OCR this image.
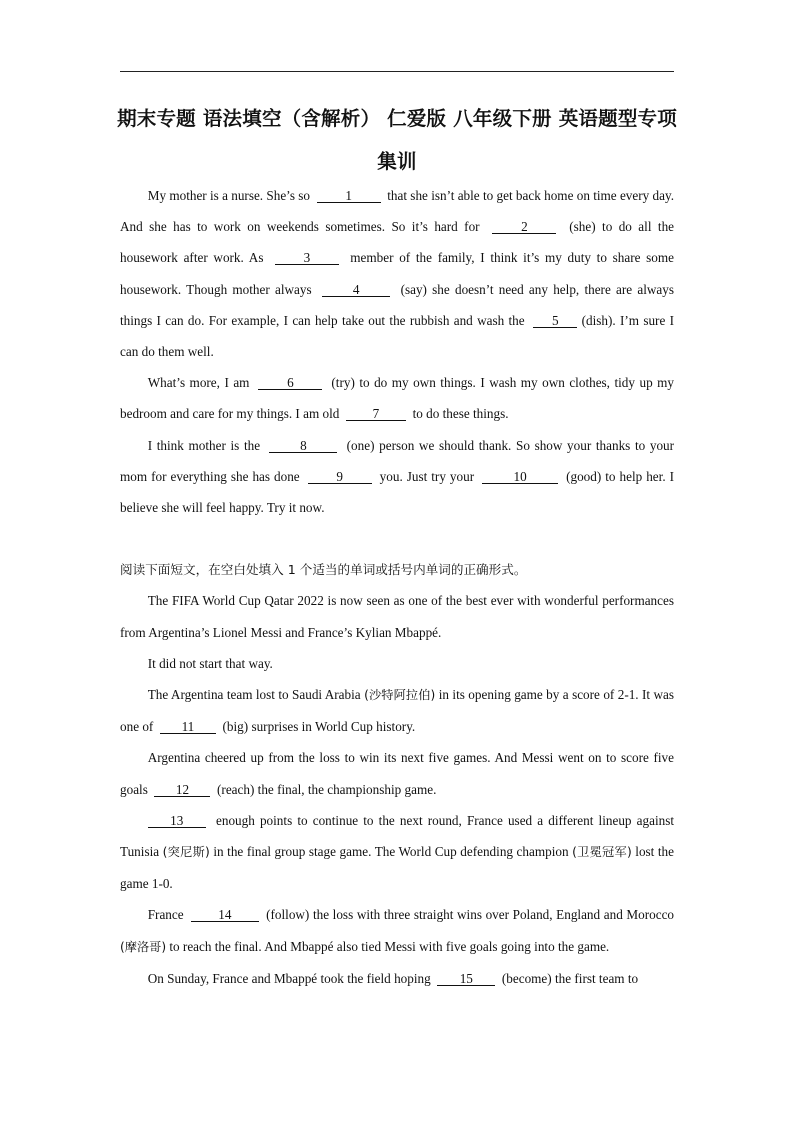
期末专题 语法填空（含解析） 仁爱版 八年级下册 英语题型专项集训

My mother is a nurse. She’s so	1	that she isn’t able to get back home on time every day. And she has to work on weekends sometimes. So it’s hard for	2	(she) to do all the housework after work. As	3	member of the family, I think it’s my duty to share some housework. Though mother always	4	(say) she doesn’t need any help, there are always things I can do. For example, I can help take out the rubbish and wash the 5 (dish). I’m sure I can do them well.

What’s more, I am	6	(try) to do my own things. I wash my own clothes, tidy up my bedroom and care for my things. I am old	7	to do these things.

I think mother is the	8	(one) person we should thank. So show your thanks to your mom for everything she has done	9	you. Just try your	10	(good) to help her. I believe she will feel happy. Try it now.

阅读下面短文，在空白处填入 1 个适当的单词或括号内单词的正确形式。

The FIFA World Cup Qatar 2022 is now seen as one of the best ever with wonderful performances from Argentina’s Lionel Messi and France’s Kylian Mbappé.

It did not start that way.

The Argentina team lost to Saudi Arabia (沙特阿拉伯) in its opening game by a score of 2-1. It was one of 11 (big) surprises in World Cup history.

Argentina cheered up from the loss to win its next five games. And Messi went on to score five goals 12 (reach) the final, the championship game.

13 enough points to continue to the next round, France used a different lineup against Tunisia (突尼斯) in the final group stage game. The World Cup defending champion (卫冕冠军) lost the game 1-0.

France	14	(follow) the loss with three straight wins over Poland, England and Morocco (摩洛哥) to reach the final. And Mbappé also tied Messi with five goals going into the game.

On Sunday, France and Mbappé took the field hoping 15 (become) the first team to
